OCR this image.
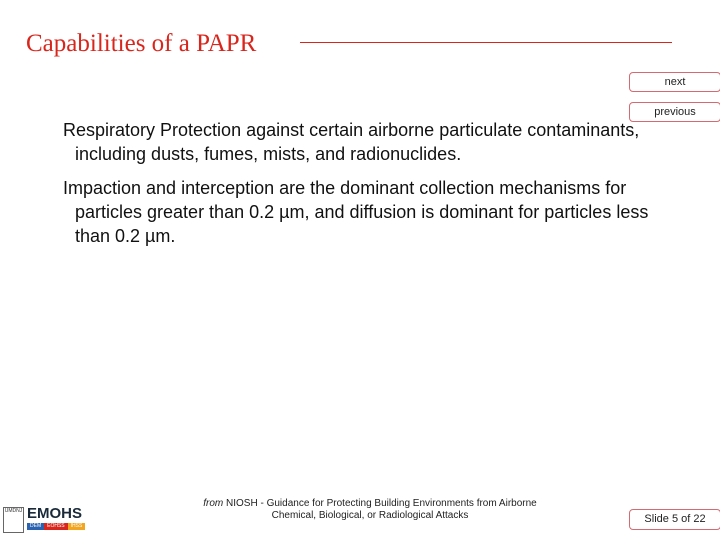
Capabilities of a PAPR
next
previous

Respiratory Protection against certain airborne particulate contaminants, including dusts, fumes, mists, and radionuclides.

Impaction and interception are the dominant collection mechanisms for particles greater than 0.2 µm, and diffusion is dominant for particles less than 0.2 µm.

UMDNJ EMOHS
DEM	EOHSS	IHSS
from NIOSH - Guidance for Protecting Building Environments from Airborne
Chemical, Biological, or Radiological Attacks	Slide 5 of 22
